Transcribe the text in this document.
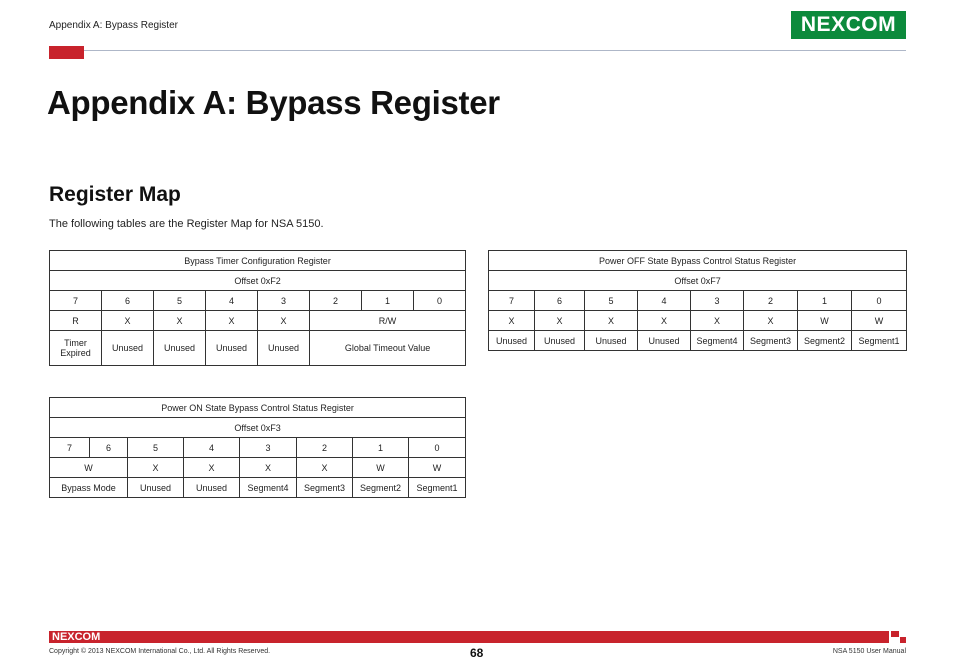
Appendix A: Bypass Register	NE X COM
Appendix A: Bypass Register
Register Map
The following tables are the Register Map for NSA 5150.
Bypass Timer Configuration Register							
Offset 0xF2							
7	6	5	4	3	2	1	0
R	X	X	X	X	R/W		
Timer
Expired	Unused	Unused	Unused	Unused	Global Timeout Value		
Power OFF State Bypass Control Status Register							
Offset 0xF7							
7	6	5	4	3	2	1	0
X	X	X	X	X	X	W	W
Unused	Unused	Unused	Unused	Segment4	Segment3	Segment2	Segment1
Power ON State Bypass Control Status Register							
Offset 0xF3							
7	6	5	4	3	2	1	0
W		X	X	X	X	W	W
Bypass Mode		Unused	Unused	Segment4	Segment3	Segment2	Segment1
NEXCOM
Copyright © 2013 NEXCOM International Co., Ltd. All Rights Reserved.	68	NSA 5150 User Manual
